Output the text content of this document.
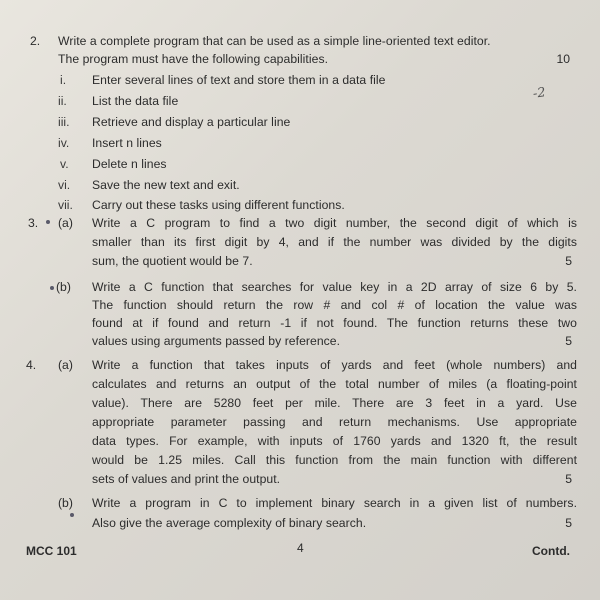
2. Write a complete program that can be used as a simple line-oriented text editor.
The program must have the following capabilities.	10
i. Enter several lines of text and store them in a data file
ii. List the data file	-2
iii. Retrieve and display a particular line
iv. Insert n lines
v. Delete n lines
vi. Save the new text and exit.
vii. Carry out these tasks using different functions.
3. (a) Write a C program to find a two digit number, the second digit of which is
smaller than its first digit by 4, and if the number was divided by the digits
sum, the quotient would be 7.	5
(b) Write a C function that searches for value key in a 2D array of size 6 by 5.
The function should return the row # and col # of location the value was
found at if found and return -1 if not found. The function returns these two
values using arguments passed by reference.	5
4. (a) Write a function that takes inputs of yards and feet (whole numbers) and
calculates and returns an output of the total number of miles (a floating-point
value). There are 5280 feet per mile. There are 3 feet in a yard. Use
appropriate parameter passing and return mechanisms. Use appropriate
data types. For example, with inputs of 1760 yards and 1320 ft, the result
would be 1.25 miles. Call this function from the main function with different
sets of values and print the output.	5
(b) Write a program in C to implement binary search in a given list of numbers.
Also give the average complexity of binary search.	5
MCC 101	4	Contd.
